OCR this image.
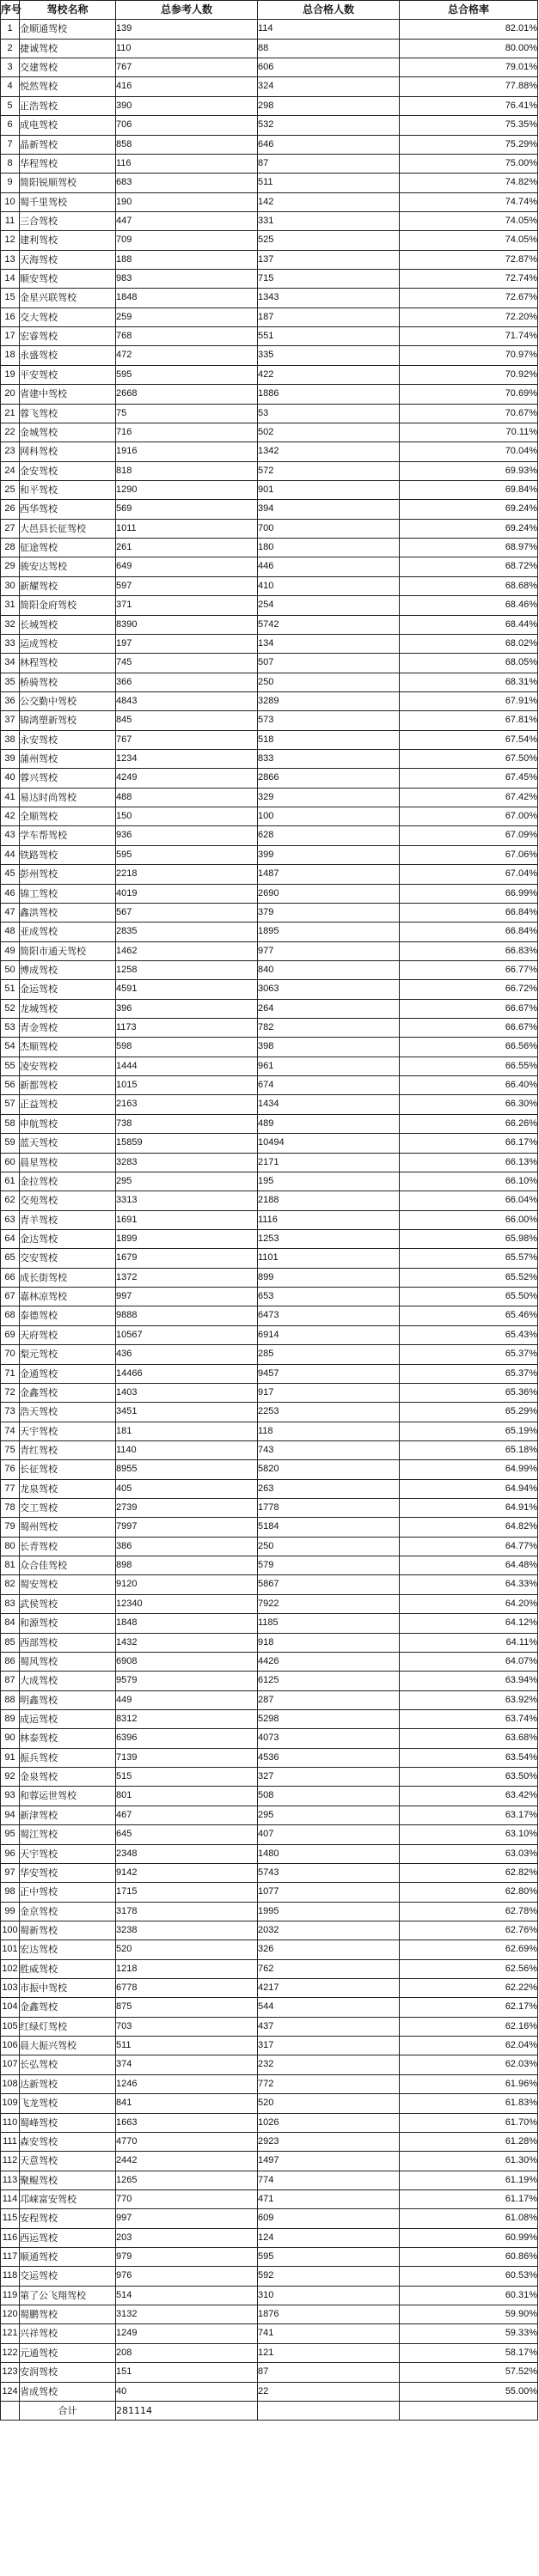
序号	驾校名称	总参考人数	总合格人数	总合格率
1	金顺通驾校	139	114	82.01%
2	捷诚驾校	110	88	80.00%
3	交建驾校	767	606	79.01%
4	悦然驾校	416	324	77.88%
5	正浩驾校	390	298	76.41%
6	成电驾校	706	532	75.35%
7	晶新驾校	858	646	75.29%
8	华程驾校	116	87	75.00%
9	简阳锐顺驾校	683	511	74.82%
10	蜀千里驾校	190	142	74.74%
11	三合驾校	447	331	74.05%
12	建利驾校	709	525	74.05%
13	天海驾校	188	137	72.87%
14	顺安驾校	983	715	72.74%
15	金星兴联驾校	1848	1343	72.67%
16	交大驾校	259	187	72.20%
17	宏睿驾校	768	551	71.74%
18	永盛驾校	472	335	70.97%
19	平安驾校	595	422	70.92%
20	省建中驾校	2668	1886	70.69%
21	蓉飞驾校	75	53	70.67%
22	金城驾校	716	502	70.11%
23	网科驾校	1916	1342	70.04%
24	金安驾校	818	572	69.93%
25	和平驾校	1290	901	69.84%
26	西华驾校	569	394	69.24%
27	大邑县长征驾校	1011	700	69.24%
28	征途驾校	261	180	68.97%
29	骏安达驾校	649	446	68.72%
30	新耀驾校	597	410	68.68%
31	简阳金府驾校	371	254	68.46%
32	长城驾校	8390	5742	68.44%
33	运成驾校	197	134	68.02%
34	林程驾校	745	507	68.05%
35	桥骑驾校	366	250	68.31%
36	公交勤中驾校	4843	3289	67.91%
37	锦鸿塑新驾校	845	573	67.81%
38	永安驾校	767	518	67.54%
39	蒲州驾校	1234	833	67.50%
40	蓉兴驾校	4249	2866	67.45%
41	易达时尚驾校	488	329	67.42%
42	全顺驾校	150	100	67.00%
43	学车帮驾校	936	628	67.09%
44	铁路驾校	595	399	67.06%
45	彭州驾校	2218	1487	67.04%
46	锦工驾校	4019	2690	66.99%
47	鑫洪驾校	567	379	66.84%
48	亚成驾校	2835	1895	66.84%
49	简阳市通天驾校	1462	977	66.83%
50	博成驾校	1258	840	66.77%
51	金运驾校	4591	3063	66.72%
52	龙城驾校	396	264	66.67%
53	青金驾校	1173	782	66.67%
54	杰顺驾校	598	398	66.56%
55	凌安驾校	1444	961	66.55%
56	新都驾校	1015	674	66.40%
57	正益驾校	2163	1434	66.30%
58	申航驾校	738	489	66.26%
59	蓝天驾校	15859	10494	66.17%
60	晨星驾校	3283	2171	66.13%
61	金拉驾校	295	195	66.10%
62	交苑驾校	3313	2188	66.04%
63	青羊驾校	1691	1116	66.00%
64	金达驾校	1899	1253	65.98%
65	交安驾校	1679	1101	65.57%
66	成长街驾校	1372	899	65.52%
67	嘉林凉驾校	997	653	65.50%
68	泰德驾校	9888	6473	65.46%
69	天府驾校	10567	6914	65.43%
70	梨元驾校	436	285	65.37%
71	金通驾校	14466	9457	65.37%
72	金鑫驾校	1403	917	65.36%
73	浩天驾校	3451	2253	65.29%
74	天宇驾校	181	118	65.19%
75	青红驾校	1140	743	65.18%
76	长征驾校	8955	5820	64.99%
77	龙泉驾校	405	263	64.94%
78	交工驾校	2739	1778	64.91%
79	蜀州驾校	7997	5184	64.82%
80	长青驾校	386	250	64.77%
81	众合佳驾校	898	579	64.48%
82	蜀安驾校	9120	5867	64.33%
83	武侯驾校	12340	7922	64.20%
84	和源驾校	1848	1185	64.12%
85	西部驾校	1432	918	64.11%
86	蜀风驾校	6908	4426	64.07%
87	大成驾校	9579	6125	63.94%
88	明鑫驾校	449	287	63.92%
89	成运驾校	8312	5298	63.74%
90	林泰驾校	6396	4073	63.68%
91	振兵驾校	7139	4536	63.54%
92	金泉驾校	515	327	63.50%
93	和蓉运世驾校	801	508	63.42%
94	新津驾校	467	295	63.17%
95	蜀江驾校	645	407	63.10%
96	天宇驾校	2348	1480	63.03%
97	华安驾校	9142	5743	62.82%
98	正中驾校	1715	1077	62.80%
99	金京驾校	3178	1995	62.78%
100	蜀新驾校	3238	2032	62.76%
101	宏达驾校	520	326	62.69%
102	胜威驾校	1218	762	62.56%
103	市振中驾校	6778	4217	62.22%
104	金鑫驾校	875	544	62.17%
105	红绿灯驾校	703	437	62.16%
106	晨大振兴驾校	511	317	62.04%
107	长弘驾校	374	232	62.03%
108	达新驾校	1246	772	61.96%
109	飞龙驾校	841	520	61.83%
110	蜀峰驾校	1663	1026	61.70%
111	森安驾校	4770	2923	61.28%
112	天意驾校	2442	1497	61.30%
113	聚鲲驾校	1265	774	61.19%
114	邛崃富安驾校	770	471	61.17%
115	安程驾校	997	609	61.08%
116	西运驾校	203	124	60.99%
117	顺通驾校	979	595	60.86%
118	交运驾校	976	592	60.53%
119	第了公飞翔驾校	514	310	60.31%
120	蜀鹏驾校	3132	1876	59.90%
121	兴祥驾校	1249	741	59.33%
122	元通驾校	208	121	58.17%
123	安润驾校	151	87	57.52%
124	省成驾校	40	22	55.00%
	合计	281114		
